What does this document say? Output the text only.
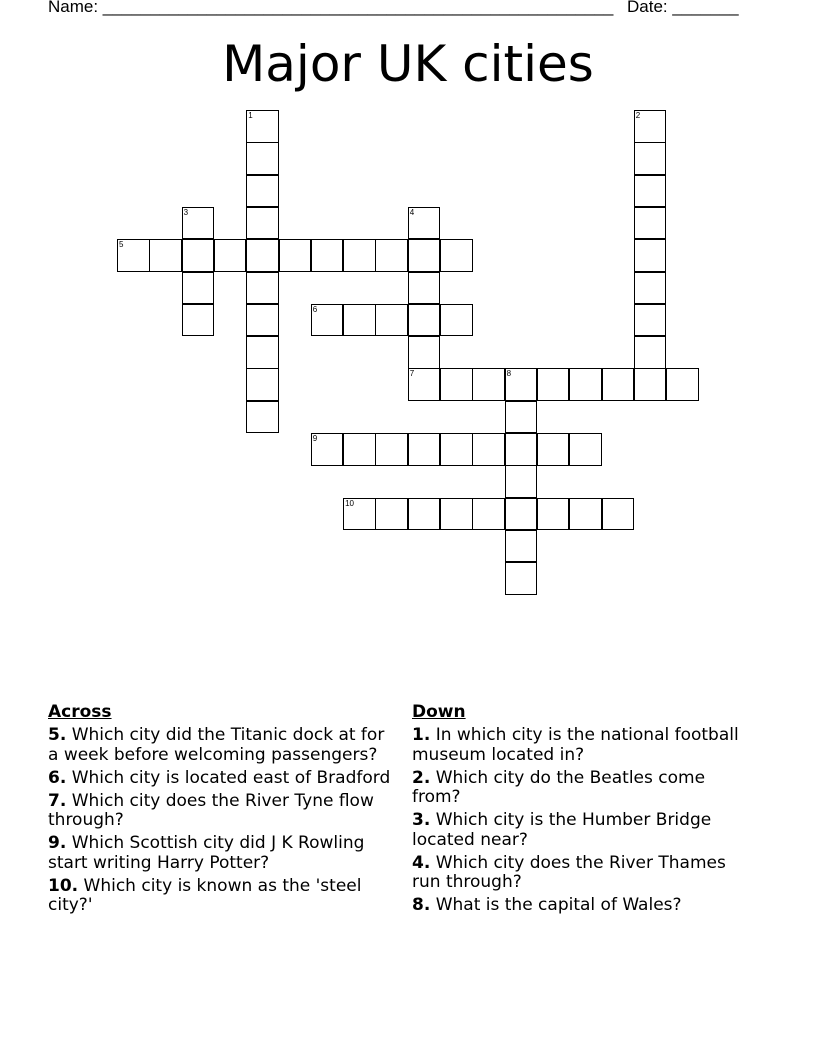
Name: ______________________________________________________ Date: _______
Major UK cities
1	2
3	4
7
5
6
8
9
10
Across
5. Which city did the Titanic dock at for a week before welcoming passengers?
6. Which city is located east of Bradford
7. Which city does the River Tyne flow through?
9. Which Scottish city did J K Rowling start writing Harry Potter?
10. Which city is known as the 'steel city?'
Down
1. In which city is the national football museum located in?
2. Which city do the Beatles come from?
3. Which city is the Humber Bridge located near?
4. Which city does the River Thames run through?
8. What is the capital of Wales?
